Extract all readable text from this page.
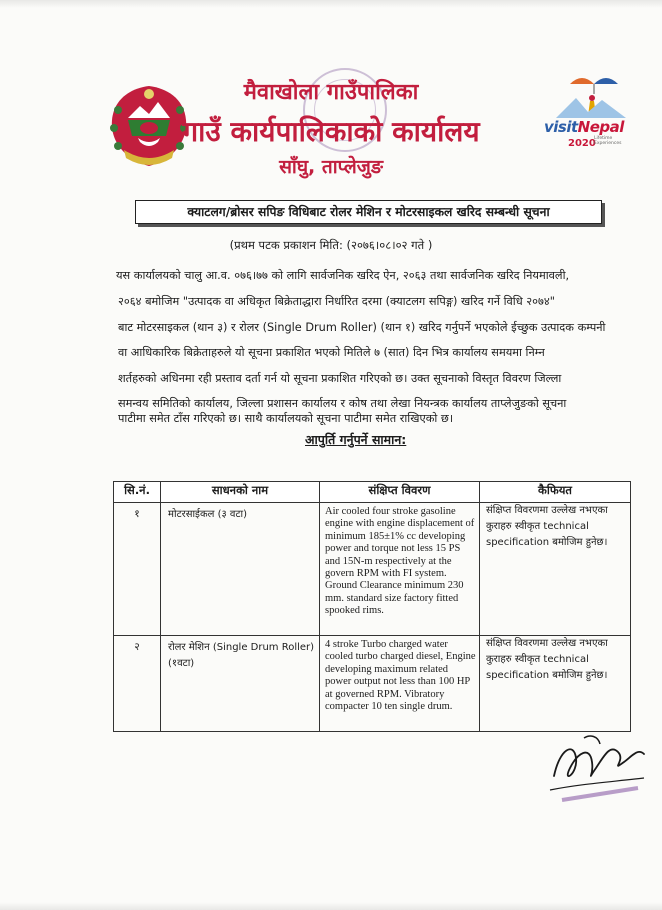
मैवाखोला गाउँपालिका
गाउँ कार्यपालिकाको कार्यालय
साँघु, ताप्लेजुङ
visitNepal
2020
Lifetime Experiences
क्याटलग/ब्रोसर सपिङ विधिबाट रोलर मेशिन र मोटरसाइकल खरिद सम्बन्धी सूचना
(प्रथम पटक प्रकाशन मिति: (२०७६।०८।०२ गते )
यस कार्यालयको चालु आ.व. ०७६।७७ को लागि सार्वजनिक खरिद ऐन, २०६३ तथा सार्वजनिक खरिद नियमावली,
२०६४ बमोजिम "उत्पादक वा अधिकृत बिक्रेताद्धारा निर्धारित दरमा (क्याटलग सपिङ्ग) खरिद गर्ने विधि २०७४"
बाट मोटरसाइकल (थान ३) र रोलर (Single Drum Roller) (थान १) खरिद गर्नुपर्ने भएकोले ईच्छुक उत्पादक कम्पनी
वा आधिकारिक बिक्रेताहरुले यो सूचना प्रकाशित भएको मितिले ७ (सात) दिन भित्र कार्यालय समयमा निम्न
शर्तहरुको अधिनमा रही प्रस्ताव दर्ता गर्न यो सूचना प्रकाशित गरिएको छ। उक्त सूचनाको विस्तृत विवरण जिल्ला
समन्वय समितिको कार्यालय, जिल्ला प्रशासन कार्यालय र कोष तथा लेखा नियन्त्रक कार्यालय ताप्लेजुङको सूचना
पाटीमा समेत टाँस गरिएको छ। साथै कार्यालयको सूचना पाटीमा समेत राखिएको छ।
आपुर्ति गर्नुपर्ने सामान:
सि.नं.	साधनको नाम	संक्षिप्त विवरण	कैफियत
१	मोटरसाईकल (३ वटा)	Air cooled four stroke gasoline engine with engine displacement of minimum 185±1% cc developing power and torque not less 15 PS and 15N-m respectively at the govern RPM with FI system. Ground Clearance minimum 230 mm. standard size factory fitted spooked rims.	संक्षिप्त विवरणमा उल्लेख नभएका कुराहरु स्वीकृत technical specification बमोजिम हुनेछ।
२	रोलर मेशिन (Single Drum Roller) (१वटा)	4 stroke Turbo charged water cooled turbo charged diesel, Engine developing maximum related power output not less than 100 HP at governed RPM. Vibratory compacter 10 ten single drum.	संक्षिप्त विवरणमा उल्लेख नभएका कुराहरु स्वीकृत technical specification बमोजिम हुनेछ।
